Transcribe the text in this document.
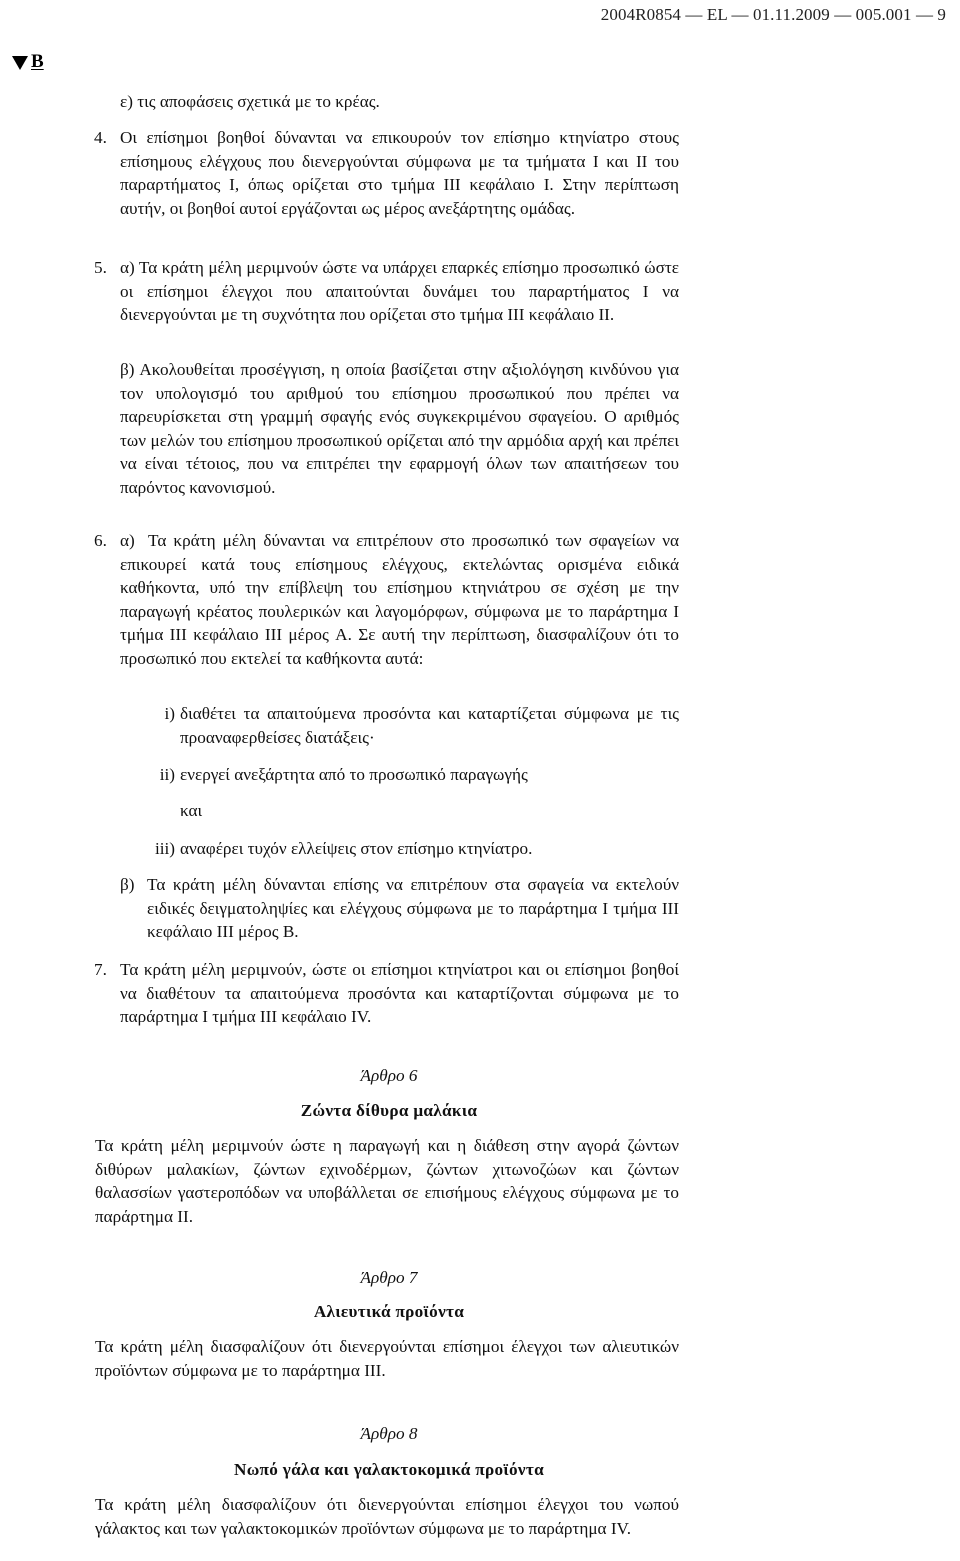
2004R0854 — EL — 01.11.2009 — 005.001 — 9
B
ε) τις αποφάσεις σχετικά με το κρέας.
4. Οι επίσημοι βοηθοί δύνανται να επικουρούν τον επίσημο κτηνίατρο στους επίσημους ελέγχους που διενεργούνται σύμφωνα με τα τμήματα I και II του παραρτήματος I, όπως ορίζεται στο τμήμα III κεφάλαιο I. Στην περίπτωση αυτήν, οι βοηθοί αυτοί εργάζονται ως μέρος ανεξάρτητης ομάδας.
5. α) Τα κράτη μέλη μεριμνούν ώστε να υπάρχει επαρκές επίσημο προσωπικό ώστε οι επίσημοι έλεγχοι που απαιτούνται δυνάμει του παραρτήματος I να διενεργούνται με τη συχνότητα που ορίζεται στο τμήμα III κεφάλαιο II.
β) Ακολουθείται προσέγγιση, η οποία βασίζεται στην αξιολόγηση κινδύνου για τον υπολογισμό του αριθμού του επίσημου προσωπικού που πρέπει να παρευρίσκεται στη γραμμή σφαγής ενός συγκεκριμένου σφαγείου. Ο αριθμός των μελών του επίσημου προσωπικού ορίζεται από την αρμόδια αρχή και πρέπει να είναι τέτοιος, που να επιτρέπει την εφαρμογή όλων των απαιτήσεων του παρόντος κανονισμού.
6. α) Τα κράτη μέλη δύνανται να επιτρέπουν στο προσωπικό των σφαγείων να επικουρεί κατά τους επίσημους ελέγχους, εκτελώντας ορισμένα ειδικά καθήκοντα, υπό την επίβλεψη του επίσημου κτηνιάτρου σε σχέση με την παραγωγή κρέατος πουλερικών και λαγομόρφων, σύμφωνα με το παράρτημα I τμήμα III κεφάλαιο III μέρος A. Σε αυτή την περίπτωση, διασφαλίζουν ότι το προσωπικό που εκτελεί τα καθήκοντα αυτά:
i) διαθέτει τα απαιτούμενα προσόντα και καταρτίζεται σύμφωνα με τις προαναφερθείσες διατάξεις·
ii) ενεργεί ανεξάρτητα από το προσωπικό παραγωγής
και
iii) αναφέρει τυχόν ελλείψεις στον επίσημο κτηνίατρο.
β) Τα κράτη μέλη δύνανται επίσης να επιτρέπουν στα σφαγεία να εκτελούν ειδικές δειγματοληψίες και ελέγχους σύμφωνα με το παράρτημα I τμήμα III κεφάλαιο III μέρος B.
7. Τα κράτη μέλη μεριμνούν, ώστε οι επίσημοι κτηνίατροι και οι επίσημοι βοηθοί να διαθέτουν τα απαιτούμενα προσόντα και καταρτίζονται σύμφωνα με το παράρτημα I τμήμα III κεφάλαιο IV.
Άρθρο 6
Ζώντα δίθυρα μαλάκια
Τα κράτη μέλη μεριμνούν ώστε η παραγωγή και η διάθεση στην αγορά ζώντων διθύρων μαλακίων, ζώντων εχινοδέρμων, ζώντων χιτωνοζώων και ζώντων θαλασσίων γαστεροπόδων να υποβάλλεται σε επισήμους ελέγχους σύμφωνα με το παράρτημα II.
Άρθρο 7
Αλιευτικά προϊόντα
Τα κράτη μέλη διασφαλίζουν ότι διενεργούνται επίσημοι έλεγχοι των αλιευτικών προϊόντων σύμφωνα με το παράρτημα III.
Άρθρο 8
Νωπό γάλα και γαλακτοκομικά προϊόντα
Τα κράτη μέλη διασφαλίζουν ότι διενεργούνται επίσημοι έλεγχοι του νωπού γάλακτος και των γαλακτοκομικών προϊόντων σύμφωνα με το παράρτημα IV.
